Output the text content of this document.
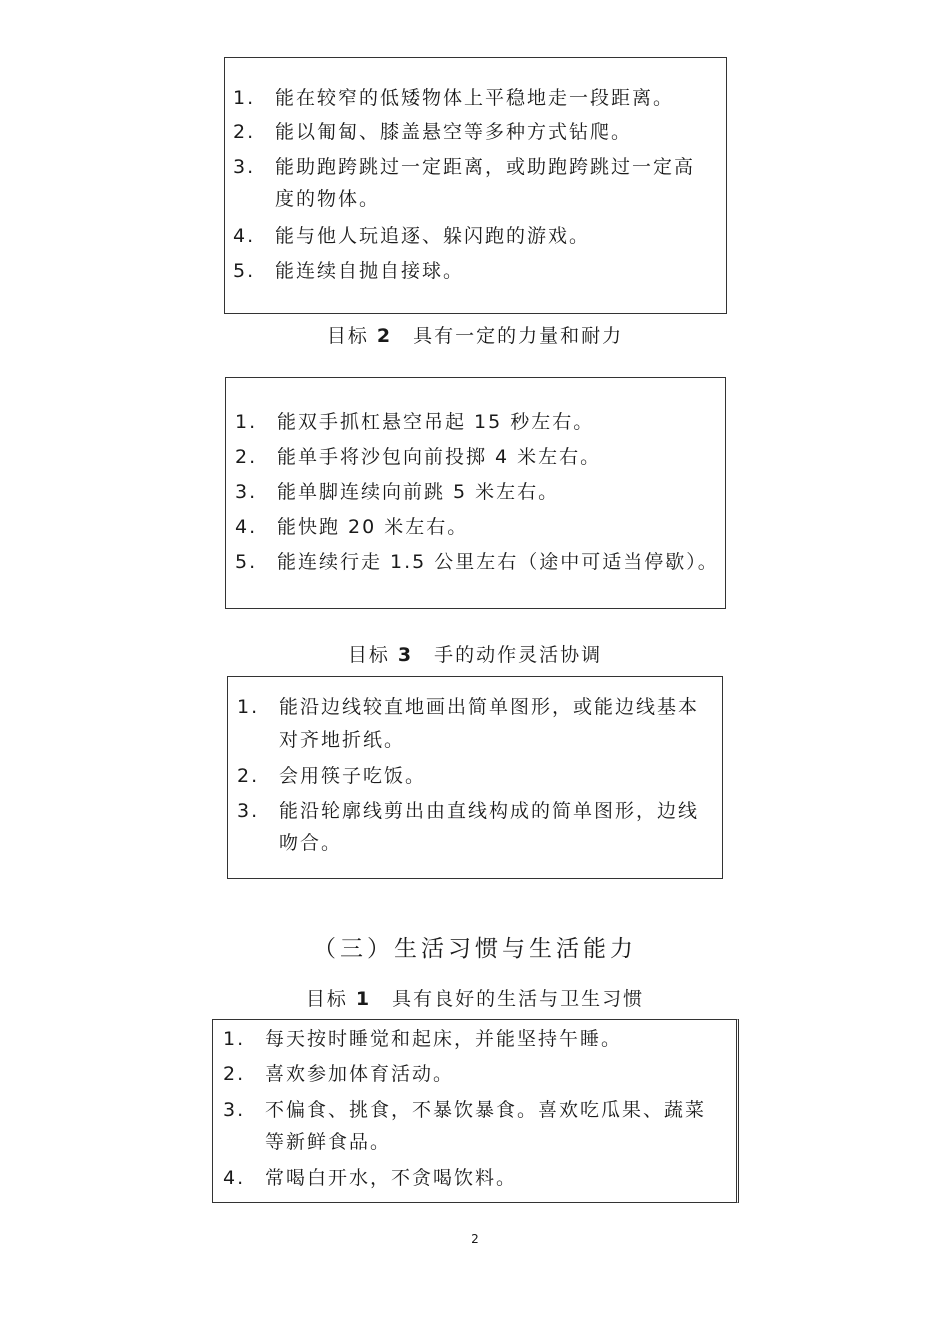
1.	能在较窄的低矮物体上平稳地走一段距离。
2.	能以匍匐、膝盖悬空等多种方式钻爬。
3.	能助跑跨跳过一定距离，或助跑跨跳过一定高
度的物体。
4.	能与他人玩追逐、躲闪跑的游戏。
5.	能连续自抛自接球。
目标 2　具有一定的力量和耐力
1.	能双手抓杠悬空吊起 15 秒左右。
2.	能单手将沙包向前投掷 4 米左右。
3.	能单脚连续向前跳 5 米左右。
4.	能快跑 20 米左右。
5.	能连续行走 1.5 公里左右（途中可适当停歇）。
目标 3　手的动作灵活协调
1.	能沿边线较直地画出简单图形，或能边线基本
对齐地折纸。
2.	会用筷子吃饭。
3.	能沿轮廓线剪出由直线构成的简单图形，边线
吻合。
（三）生活习惯与生活能力
目标 1　具有良好的生活与卫生习惯
1.	每天按时睡觉和起床，并能坚持午睡。
2.	喜欢参加体育活动。
3.	不偏食、挑食，不暴饮暴食。喜欢吃瓜果、蔬菜
等新鲜食品。
4.	常喝白开水，不贪喝饮料。
2
